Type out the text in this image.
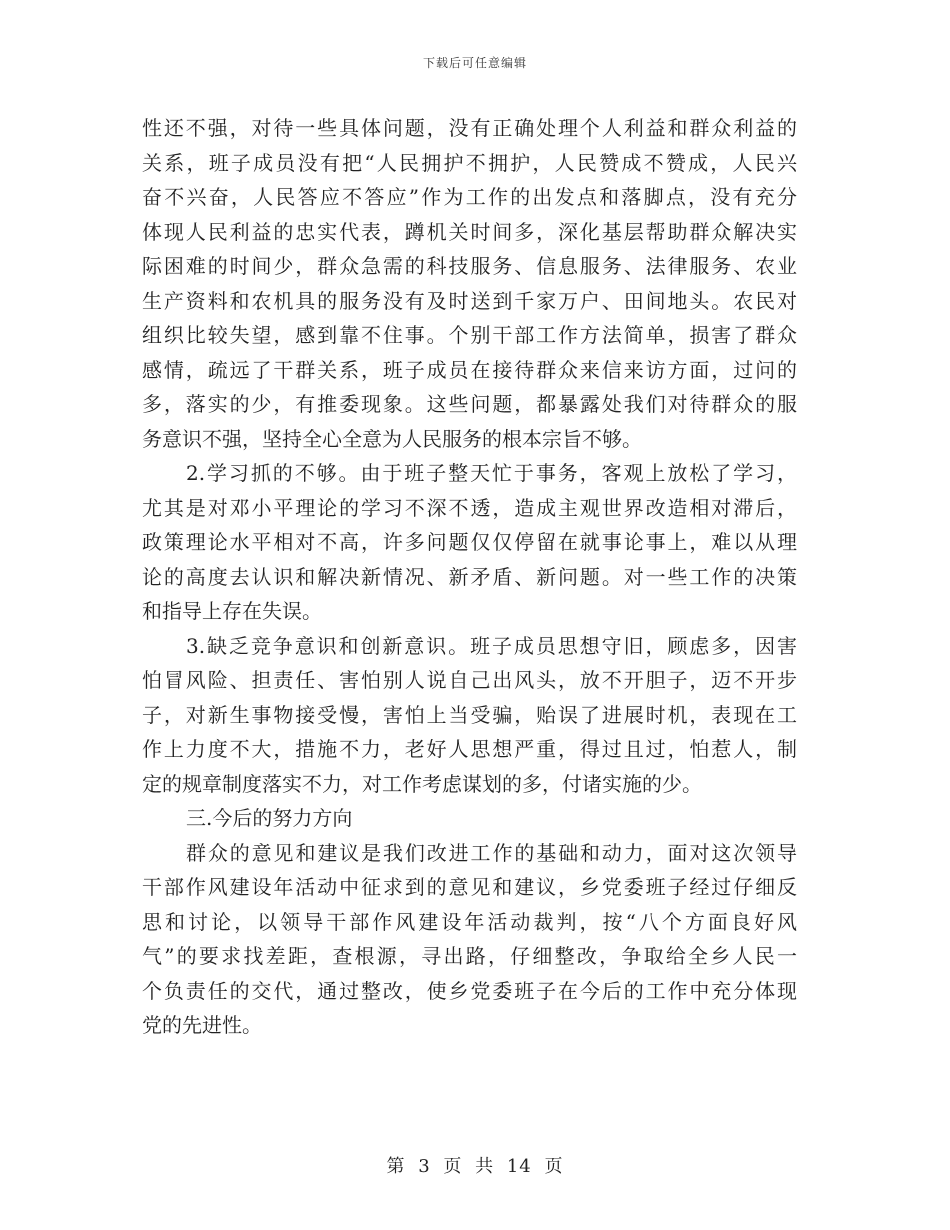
下载后可任意编辑
性还不强，对待一些具体问题，没有正确处理个人利益和群众利益的
关系，班子成员没有把“人民拥护不拥护，人民赞成不赞成，人民兴
奋不兴奋，人民答应不答应”作为工作的出发点和落脚点，没有充分
体现人民利益的忠实代表，蹲机关时间多，深化基层帮助群众解决实
际困难的时间少，群众急需的科技服务、信息服务、法律服务、农业
生产资料和农机具的服务没有及时送到千家万户、田间地头。农民对
组织比较失望，感到靠不住事。个别干部工作方法简单，损害了群众
感情，疏远了干群关系，班子成员在接待群众来信来访方面，过问的
多，落实的少，有推委现象。这些问题，都暴露处我们对待群众的服
务意识不强，坚持全心全意为人民服务的根本宗旨不够。
2.学习抓的不够。由于班子整天忙于事务，客观上放松了学习，
尤其是对邓小平理论的学习不深不透，造成主观世界改造相对滞后，
政策理论水平相对不高，许多问题仅仅停留在就事论事上，难以从理
论的高度去认识和解决新情况、新矛盾、新问题。对一些工作的决策
和指导上存在失误。
3.缺乏竞争意识和创新意识。班子成员思想守旧，顾虑多，因害
怕冒风险、担责任、害怕别人说自己出风头，放不开胆子，迈不开步
子，对新生事物接受慢，害怕上当受骗，贻误了进展时机，表现在工
作上力度不大，措施不力，老好人思想严重，得过且过，怕惹人，制
定的规章制度落实不力，对工作考虑谋划的多，付诸实施的少。
三.今后的努力方向
群众的意见和建议是我们改进工作的基础和动力，面对这次领导
干部作风建设年活动中征求到的意见和建议，乡党委班子经过仔细反
思和讨论，以领导干部作风建设年活动裁判，按“八个方面良好风
气”的要求找差距，查根源，寻出路，仔细整改，争取给全乡人民一
个负责任的交代，通过整改，使乡党委班子在今后的工作中充分体现
党的先进性。
第 3 页 共 14 页
